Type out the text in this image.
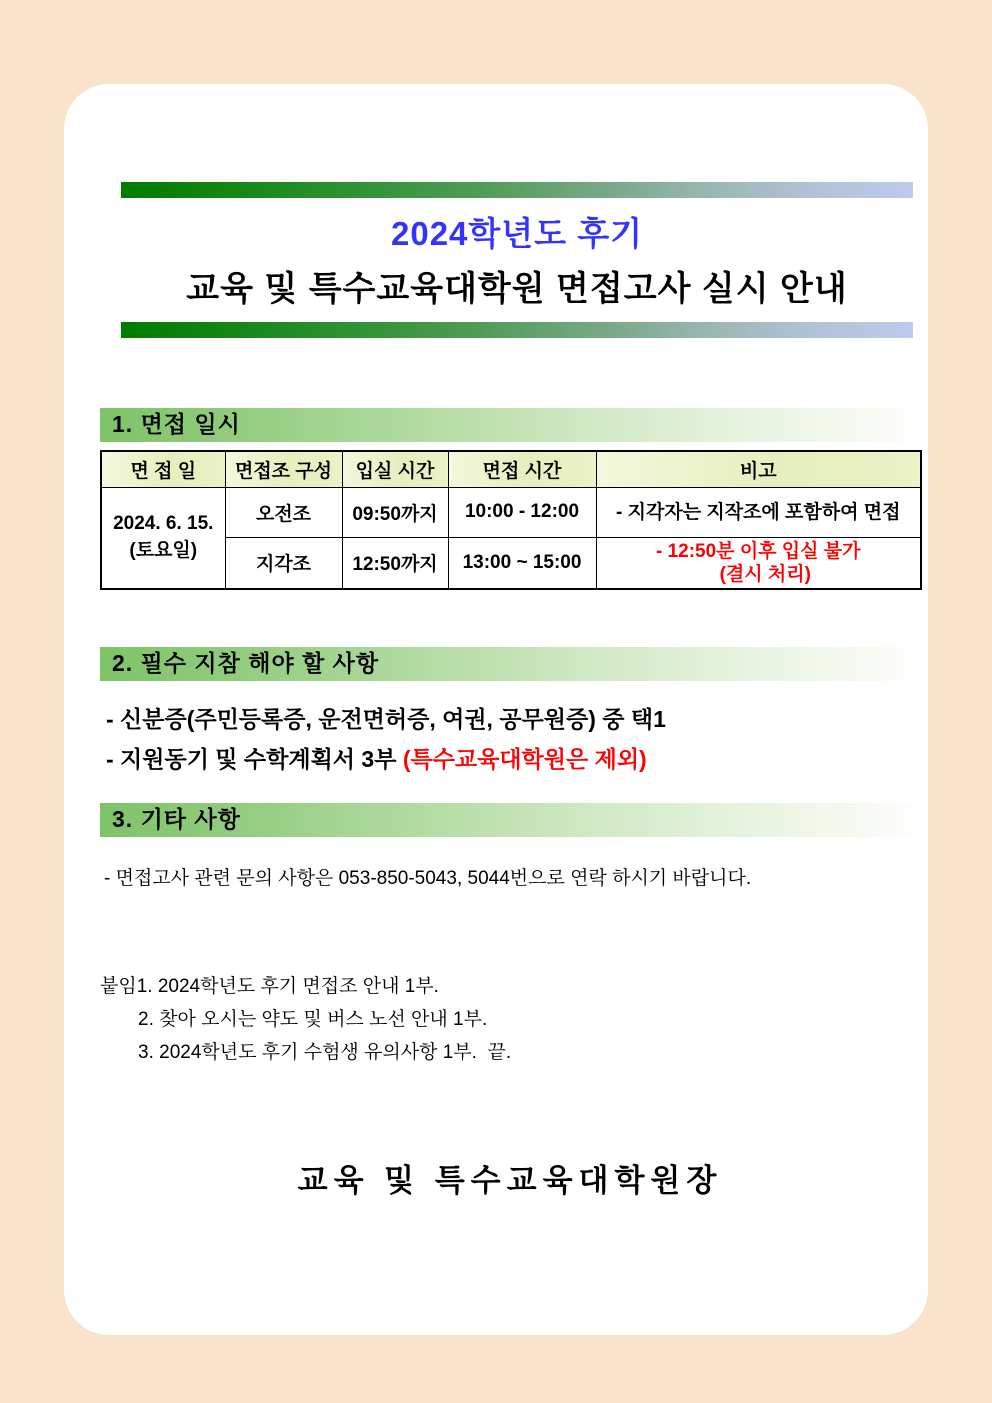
2024학년도 후기
교육 및 특수교육대학원 면접고사 실시 안내
1. 면접 일시
면 접 일	면접조 구성	입실 시간	면접 시간	비고

2024. 6. 15.
(토요일)	오전조	09:50까지	10:00 - 12:00	- 지각자는 지작조에 포함하여 면접
	지각조	12:50까지	13:00 ~ 15:00	- 12:50분 이후 입실 불가
(결시 처리)
2. 필수 지참 해야 할 사항
- 신분증(주민등록증, 운전면허증, 여권, 공무원증) 중 택1
- 지원동기 및 수학계획서 3부 (특수교육대학원은 제외)
3. 기타 사항
- 면접고사 관련 문의 사항은 053-850-5043, 5044번으로 연락 하시기 바랍니다.
붙임1. 2024학년도 후기 면접조 안내 1부.
2. 찾아 오시는 약도 및 버스 노선 안내 1부.
3. 2024학년도 후기 수험생 유의사항 1부.  끝.
교육 및 특수교육대학원장
